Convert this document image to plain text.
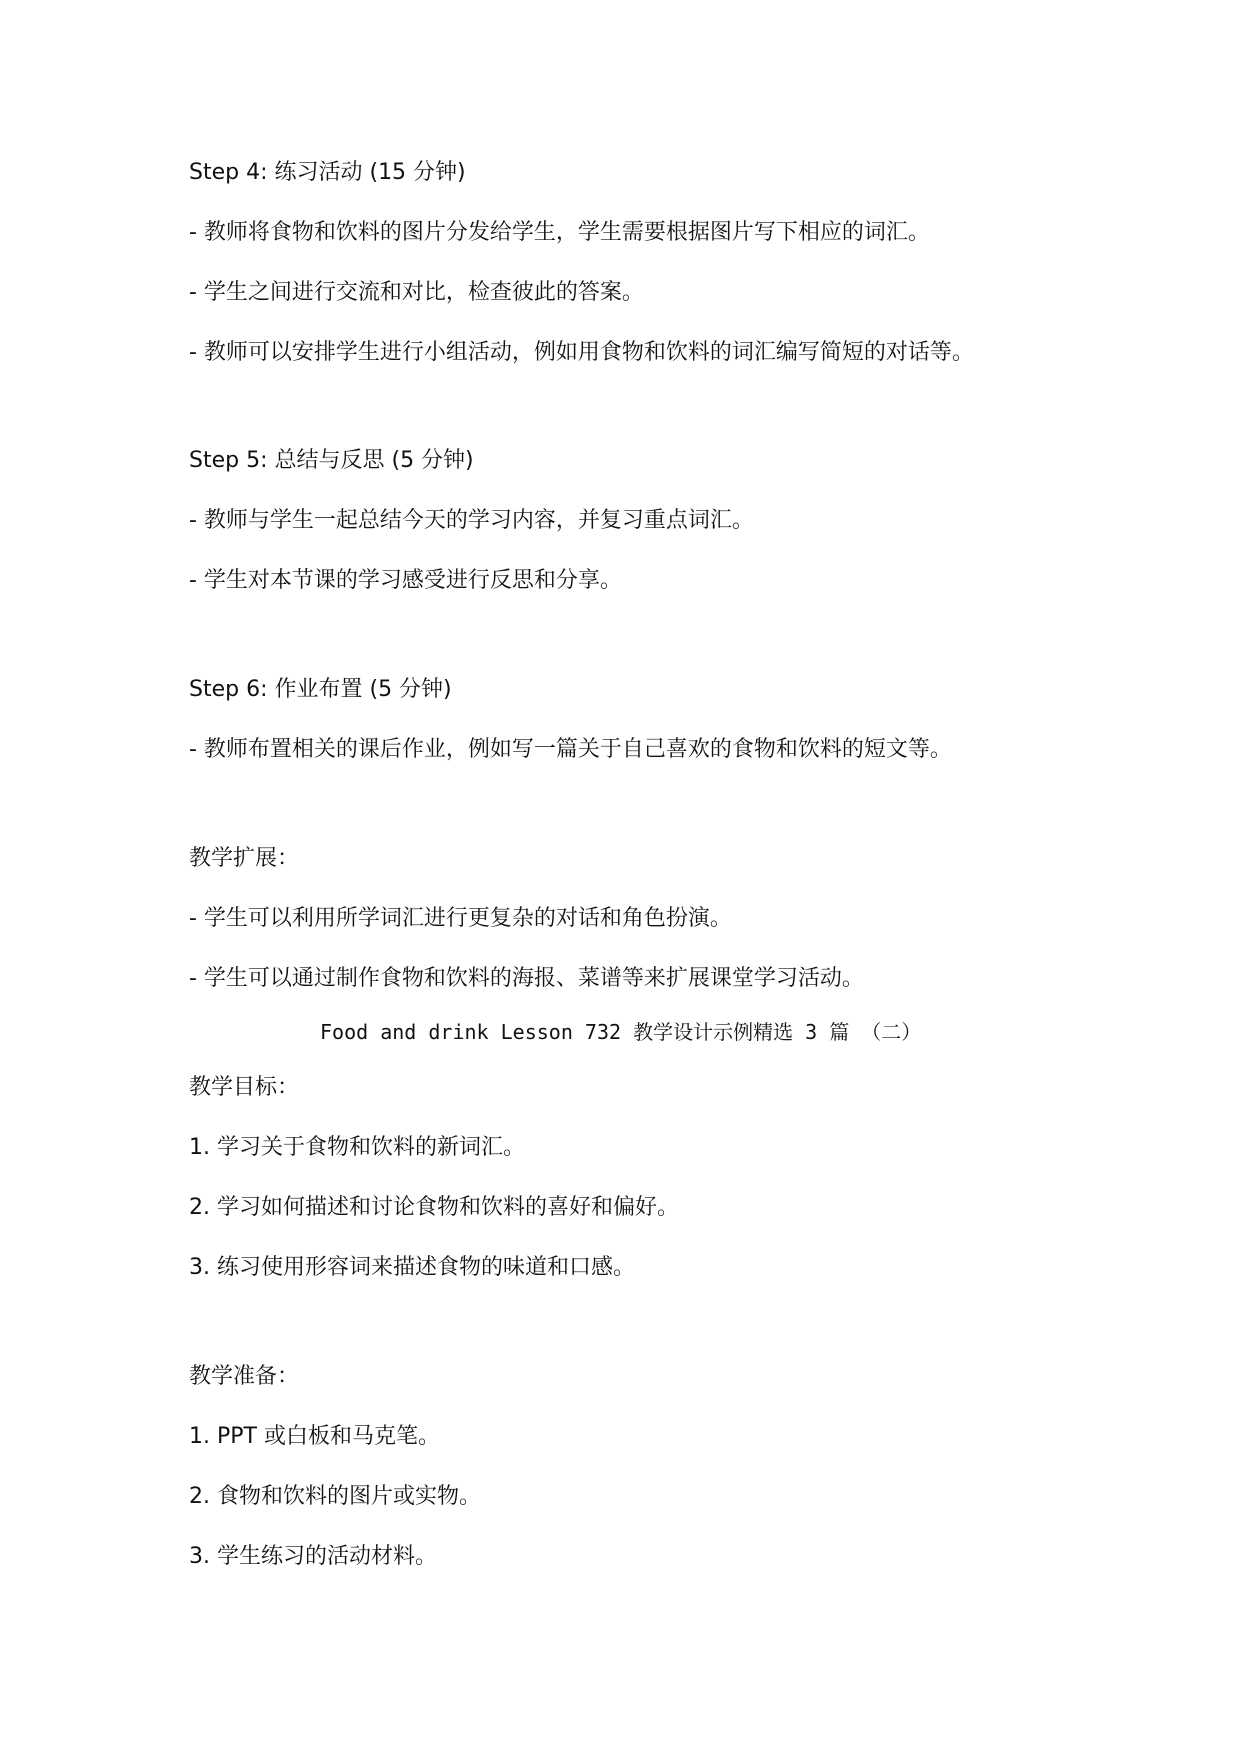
Step 4: 练习活动 (15 分钟)
- 教师将食物和饮料的图片分发给学生，学生需要根据图片写下相应的词汇。
- 学生之间进行交流和对比，检查彼此的答案。
- 教师可以安排学生进行小组活动，例如用食物和饮料的词汇编写简短的对话等。
Step 5: 总结与反思 (5 分钟)
- 教师与学生一起总结今天的学习内容，并复习重点词汇。
- 学生对本节课的学习感受进行反思和分享。
Step 6: 作业布置 (5 分钟)
- 教师布置相关的课后作业，例如写一篇关于自己喜欢的食物和饮料的短文等。
教学扩展：
- 学生可以利用所学词汇进行更复杂的对话和角色扮演。
- 学生可以通过制作食物和饮料的海报、菜谱等来扩展课堂学习活动。
Food and drink Lesson 732 教学设计示例精选 3 篇 （二）
教学目标：
1. 学习关于食物和饮料的新词汇。
2. 学习如何描述和讨论食物和饮料的喜好和偏好。
3. 练习使用形容词来描述食物的味道和口感。
教学准备：
1. PPT 或白板和马克笔。
2. 食物和饮料的图片或实物。
3. 学生练习的活动材料。
